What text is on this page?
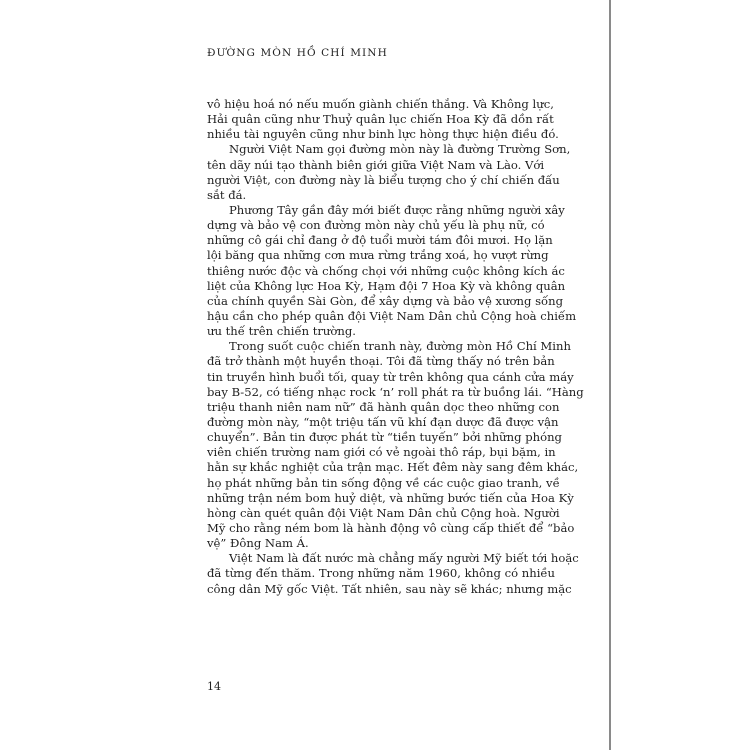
ĐƯỜNG MÒN HỒ CHÍ MINH
vô hiệu hoá nó nếu muốn giành chiến thắng. Và Không lực,
Hải quân cũng như Thuỷ quân lục chiến Hoa Kỳ đã dồn rất
nhiều tài nguyên cũng như binh lực hòng thực hiện điều đó.
Người Việt Nam gọi đường mòn này là đường Trường Sơn,
tên dãy núi tạo thành biên giới giữa Việt Nam và Lào. Với
người Việt, con đường này là biểu tượng cho ý chí chiến đấu
sắt đá.
Phương Tây gần đây mới biết được rằng những người xây
dựng và bảo vệ con đường mòn này chủ yếu là phụ nữ, có
những cô gái chỉ đang ở độ tuổi mười tám đôi mươi. Họ lặn
lội băng qua những cơn mưa rừng trắng xoá, họ vượt rừng
thiêng nước độc và chống chọi với những cuộc không kích ác
liệt của Không lực Hoa Kỳ, Hạm đội 7 Hoa Kỳ và không quân
của chính quyền Sài Gòn, để xây dựng và bảo vệ xương sống
hậu cần cho phép quân đội Việt Nam Dân chủ Cộng hoà chiếm
ưu thế trên chiến trường.
Trong suốt cuộc chiến tranh này, đường mòn Hồ Chí Minh
đã trở thành một huyền thoại. Tôi đã từng thấy nó trên bản
tin truyền hình buổi tối, quay từ trên không qua cánh cửa máy
bay B-52, có tiếng nhạc rock ‘n’ roll phát ra từ buồng lái. “Hàng
triệu thanh niên nam nữ” đã hành quân dọc theo những con
đường mòn này, “một triệu tấn vũ khí đạn dược đã được vận
chuyển”. Bản tin được phát từ “tiền tuyến” bởi những phóng
viên chiến trường nam giới có vẻ ngoài thô ráp, bụi bặm, in
hằn sự khắc nghiệt của trận mạc. Hết đêm này sang đêm khác,
họ phát những bản tin sống động về các cuộc giao tranh, về
những trận ném bom huỷ diệt, và những bước tiến của Hoa Kỳ
hòng càn quét quân đội Việt Nam Dân chủ Cộng hoà. Người
Mỹ cho rằng ném bom là hành động vô cùng cấp thiết để “bảo
vệ” Đông Nam Á.
Việt Nam là đất nước mà chẳng mấy người Mỹ biết tới hoặc
đã từng đến thăm. Trong những năm 1960, không có nhiều
công dân Mỹ gốc Việt. Tất nhiên, sau này sẽ khác; nhưng mặc
14
